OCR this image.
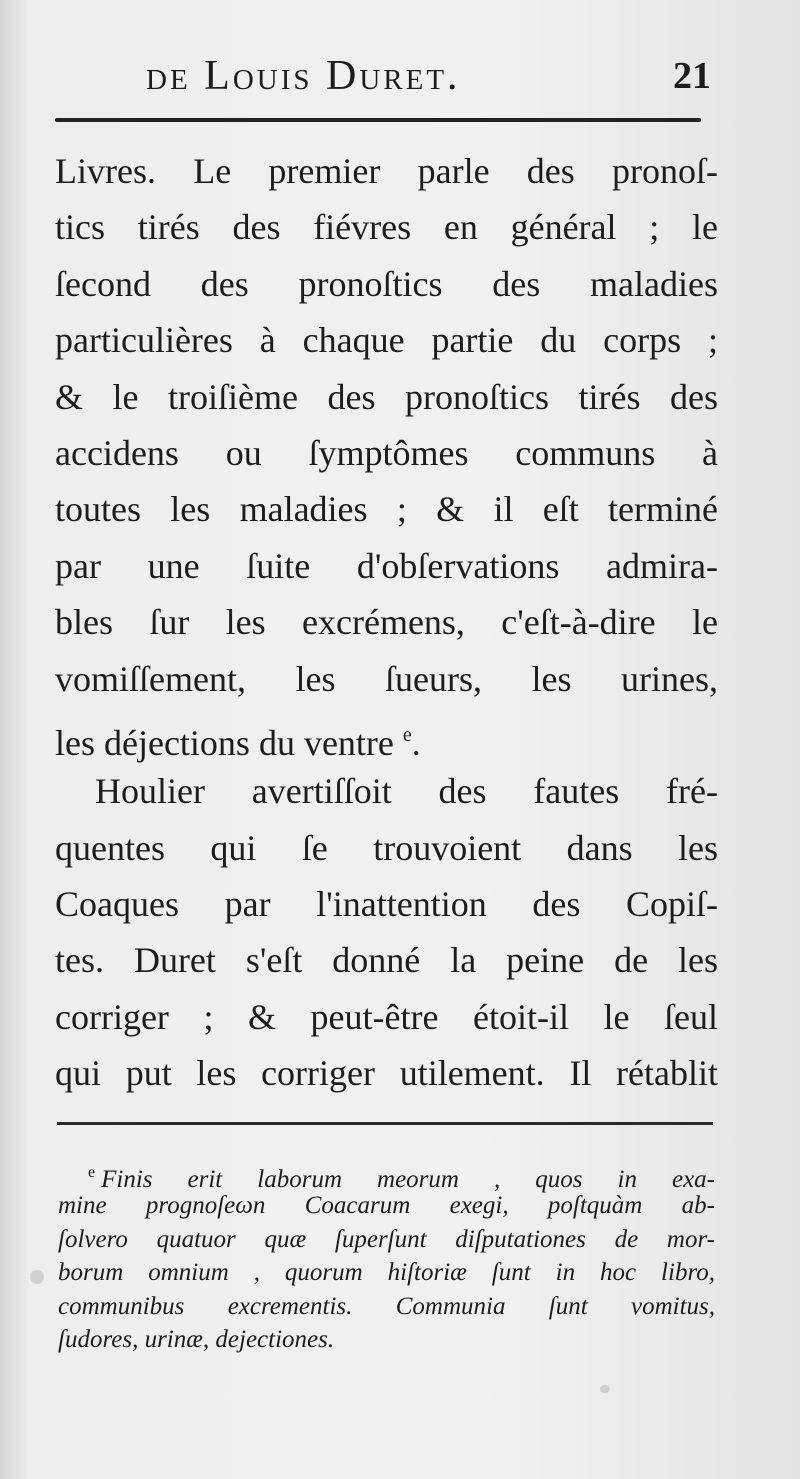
de Louis Duret.	21
Livres. Le premier parle des pronoſ-
tics tirés des fiévres en général ; le
ſecond des pronoſtics des maladies
particulières à chaque partie du corps ;
& le troiſième des pronoſtics tirés des
accidens ou ſymptômes communs à
toutes les maladies ; & il eſt terminé
par une ſuite d'obſervations admira-
bles ſur les excrémens, c'eſt-à-dire le
vomiſſement, les ſueurs, les urines,
les déjections du ventre $^e$.
Houlier avertiſſoit des fautes fré-
quentes qui ſe trouvoient dans les
Coaques par l'inattention des Copiſ-
tes. Duret s'eſt donné la peine de les
corriger ; & peut-être étoit-il le ſeul
qui put les corriger utilement. Il rétablit
$^e$ Finis erit laborum meorum , quos in exa-
mine prognoſeωn Coacarum exegi, poſtquàm ab-
ſolvero quatuor quæ ſuperſunt diſputationes de mor-
borum omnium , quorum hiſtoriæ ſunt in hoc libro,
communibus excrementis. Communia ſunt vomitus,
ſudores, urinæ, dejectiones.
